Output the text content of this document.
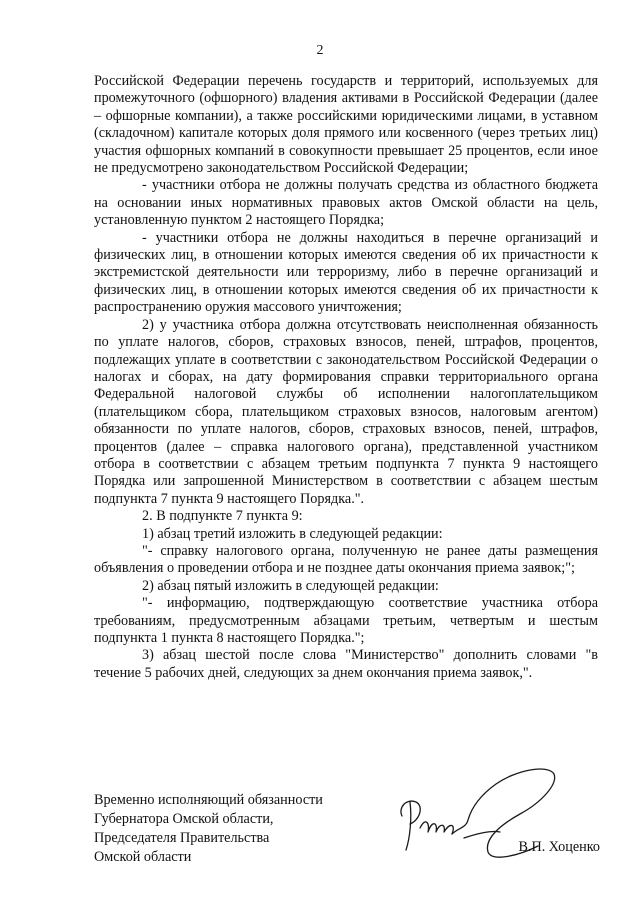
2

Российской Федерации перечень государств и территорий, используемых для промежуточного (офшорного) владения активами в Российской Федерации (далее – офшорные компании), а также российскими юридическими лицами, в уставном (складочном) капитале которых доля прямого или косвенного (через третьих лиц) участия офшорных компаний в совокупности превышает 25 процентов, если иное не предусмотрено законодательством Российской Федерации;

- участники отбора не должны получать средства из областного бюджета на основании иных нормативных правовых актов Омской области на цель, установленную пунктом 2 настоящего Порядка;

- участники отбора не должны находиться в перечне организаций и физических лиц, в отношении которых имеются сведения об их причастности к экстремистской деятельности или терроризму, либо в перечне организаций и физических лиц, в отношении которых имеются сведения об их причастности к распространению оружия массового уничтожения;

2) у участника отбора должна отсутствовать неисполненная обязанность по уплате налогов, сборов, страховых взносов, пеней, штрафов, процентов, подлежащих уплате в соответствии с законодательством Российской Федерации о налогах и сборах, на дату формирования справки территориального органа Федеральной налоговой службы об исполнении налогоплательщиком (плательщиком сбора, плательщиком страховых взносов, налоговым агентом) обязанности по уплате налогов, сборов, страховых взносов, пеней, штрафов, процентов (далее – справка налогового органа), представленной участником отбора в соответствии с абзацем третьим подпункта 7 пункта 9 настоящего Порядка или запрошенной Министерством в соответствии с абзацем шестым подпункта 7 пункта 9 настоящего Порядка.".

2. В подпункте 7 пункта 9:

1) абзац третий изложить в следующей редакции:

"- справку налогового органа, полученную не ранее даты размещения объявления о проведении отбора и не позднее даты окончания приема заявок;";

2) абзац пятый изложить в следующей редакции:

"- информацию, подтверждающую соответствие участника отбора требованиям, предусмотренным абзацами третьим, четвертым и шестым подпункта 1 пункта 8 настоящего Порядка.";

3) абзац шестой после слова "Министерство" дополнить словами "в течение 5 рабочих дней, следующих за днем окончания приема заявок,".

Временно исполняющий обязанности

Губернатора Омской области,

Председателя Правительства

Омской области

В.П. Хоценко
